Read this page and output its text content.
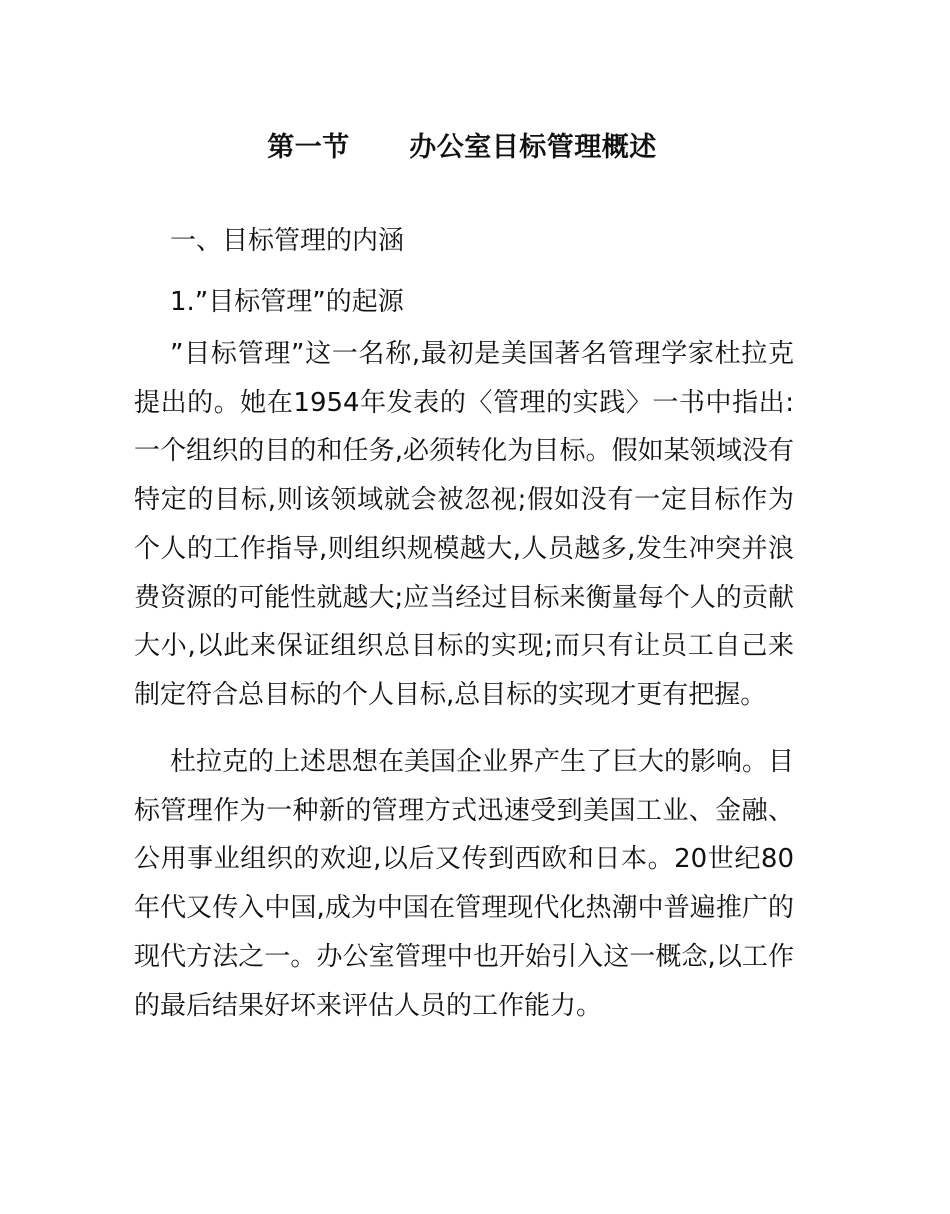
第一节      办公室目标管理概述
一、目标管理的内涵
1.”目标管理”的起源

”目标管理”这一名称,最初是美国著名管理学家杜拉克提出的。她在1954年发表的〈管理的实践〉一书中指出:一个组织的目的和任务,必须转化为目标。假如某领域没有特定的目标,则该领域就会被忽视;假如没有一定目标作为个人的工作指导,则组织规模越大,人员越多,发生冲突并浪费资源的可能性就越大;应当经过目标来衡量每个人的贡献大小,以此来保证组织总目标的实现;而只有让员工自己来制定符合总目标的个人目标,总目标的实现才更有把握。

杜拉克的上述思想在美国企业界产生了巨大的影响。目标管理作为一种新的管理方式迅速受到美国工业、金融、公用事业组织的欢迎,以后又传到西欧和日本。20世纪80年代又传入中国,成为中国在管理现代化热潮中普遍推广的现代方法之一。办公室管理中也开始引入这一概念,以工作的最后结果好坏来评估人员的工作能力。
